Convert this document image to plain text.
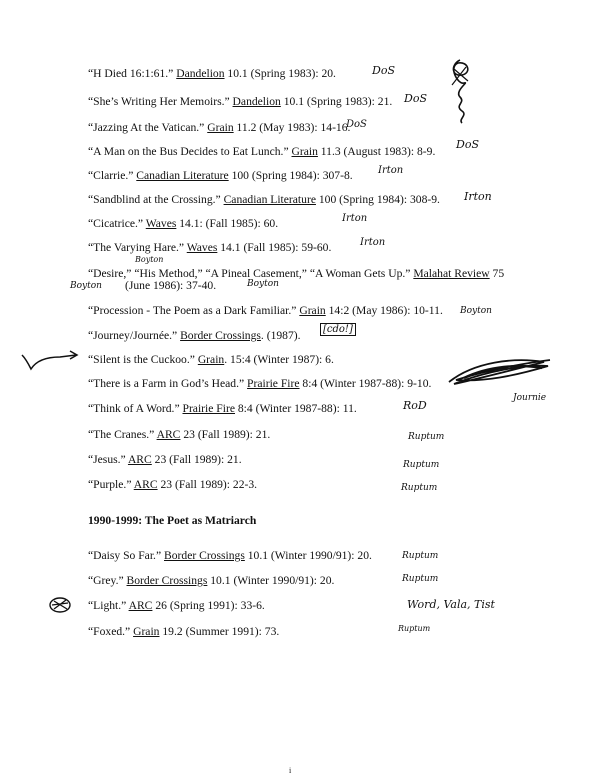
“H Died 16:1:61.” Dandelion 10.1 (Spring 1983): 20.
“She’s Writing Her Memoirs.” Dandelion 10.1 (Spring 1983): 21.
“Jazzing At the Vatican.” Grain 11.2 (May 1983): 14-16.
“A Man on the Bus Decides to Eat Lunch.” Grain 11.3 (August 1983): 8-9.
“Clarrie.” Canadian Literature 100 (Spring 1984): 307-8.
“Sandblind at the Crossing.” Canadian Literature 100 (Spring 1984): 308-9.
“Cicatrice.” Waves 14.1: (Fall 1985): 60.
“The Varying Hare.” Waves 14.1 (Fall 1985): 59-60.
“Desire,” “His Method,” “A Pineal Casement,” “A Woman Gets Up.” Malahat Review 75
(June 1986): 37-40.
“Procession - The Poem as a Dark Familiar.” Grain 14:2 (May 1986): 10-11.
“Journey/Journée.” Border Crossings. (1987).
“Silent is the Cuckoo.” Grain. 15:4 (Winter 1987): 6.
“There is a Farm in God’s Head.” Prairie Fire 8:4 (Winter 1987-88): 9-10.
“Think of A Word.” Prairie Fire 8:4 (Winter 1987-88): 11.
“The Cranes.” ARC 23 (Fall 1989): 21.
“Jesus.” ARC 23 (Fall 1989): 21.
“Purple.” ARC 23 (Fall 1989): 22-3.
1990-1999: The Poet as Matriarch
“Daisy So Far.” Border Crossings 10.1 (Winter 1990/91): 20.
“Grey.” Border Crossings 10.1 (Winter 1990/91): 20.
“Light.” ARC 26 (Spring 1991): 33-6.
“Foxed.” Grain 19.2 (Summer 1991): 73.
DoS
DoS
DoS
DoS
Irton
Irton
Irton
Irton
Boyton
Boyton	Boyton
Boyton
[cdo!]
RoD
Journie
Ruptum
Ruptum
Ruptum
Ruptum
Ruptum
Word, Vala, Tist
Ruptum
i
